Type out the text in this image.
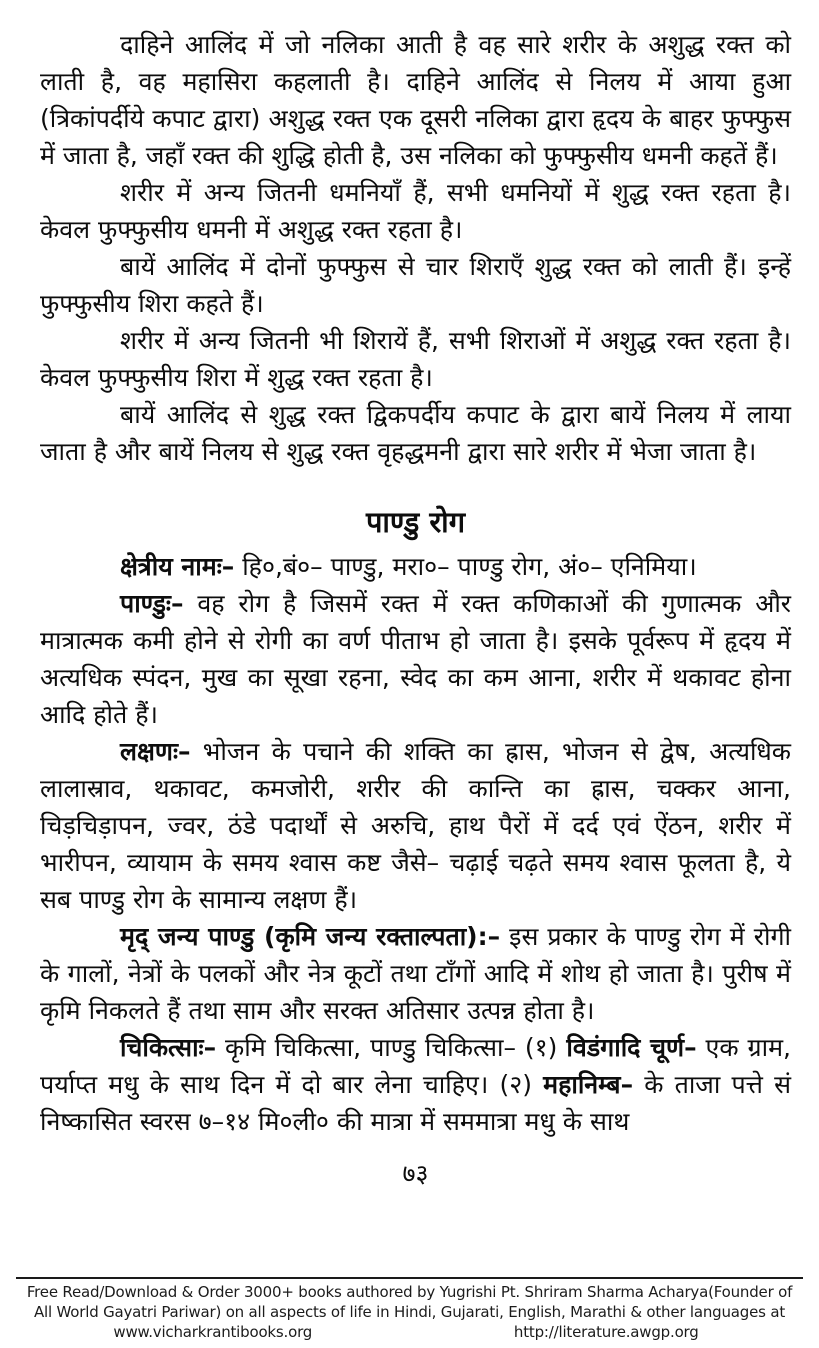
दाहिने आलिंद में जो नलिका आती है वह सारे शरीर के अशुद्ध रक्त को लाती है, वह महासिरा कहलाती है। दाहिने आलिंद से निलय में आया हुआ (त्रिकांपर्दीये कपाट द्वारा) अशुद्ध रक्त एक दूसरी नलिका द्वारा हृदय के बाहर फुफ्फुस में जाता है, जहाँ रक्त की शुद्धि होती है, उस नलिका को फुफ्फुसीय धमनी कहतें हैं।

शरीर में अन्य जितनी धमनियाँ हैं, सभी धमनियों में शुद्ध रक्त रहता है। केवल फुफ्फुसीय धमनी में अशुद्ध रक्त रहता है।

बायें आलिंद में दोनों फुफ्फुस से चार शिराएँ शुद्ध रक्त को लाती हैं। इन्हें फुफ्फुसीय शिरा कहते हैं।

शरीर में अन्य जितनी भी शिरायें हैं, सभी शिराओं में अशुद्ध रक्त रहता है। केवल फुफ्फुसीय शिरा में शुद्ध रक्त रहता है।

बायें आलिंद से शुद्ध रक्त द्विकपर्दीय कपाट के द्वारा बायें निलय में लाया जाता है और बायें निलय से शुद्ध रक्त वृहद्धमनी द्वारा सारे शरीर में भेजा जाता है।

पाण्डु रोग

क्षेत्रीय नामः– हि०,बं०– पाण्डु, मरा०– पाण्डु रोग, अं०– एनिमिया।

पाण्डुः– वह रोग है जिसमें रक्त में रक्त कणिकाओं की गुणात्मक और मात्रात्मक कमी होने से रोगी का वर्ण पीताभ हो जाता है। इसके पूर्वरूप में हृदय में अत्यधिक स्पंदन, मुख का सूखा रहना, स्वेद का कम आना, शरीर में थकावट होना आदि होते हैं।

लक्षणः– भोजन के पचाने की शक्ति का ह्रास, भोजन से द्वेष, अत्यधिक लालास्राव, थकावट, कमजोरी, शरीर की कान्ति का ह्रास, चक्कर आना, चिड़चिड़ापन, ज्वर, ठंडे पदार्थों से अरुचि, हाथ पैरों में दर्द एवं ऐंठन, शरीर में भारीपन, व्यायाम के समय श्वास कष्ट जैसे– चढ़ाई चढ़ते समय श्वास फूलता है, ये सब पाण्डु रोग के सामान्य लक्षण हैं।

मृद् जन्य पाण्डु (कृमि जन्य रक्ताल्पता):– इस प्रकार के पाण्डु रोग में रोगी के गालों, नेत्रों के पलकों और नेत्र कूटों तथा टाँगों आदि में शोथ हो जाता है। पुरीष में कृमि निकलते हैं तथा साम और सरक्त अतिसार उत्पन्न होता है।

चिकित्साः– कृमि चिकित्सा, पाण्डु चिकित्सा– (१) विडंगादि चूर्ण– एक ग्राम, पर्याप्त मधु के साथ दिन में दो बार लेना चाहिए। (२) महानिम्ब– के ताजा पत्ते सं निष्कासित स्वरस ७–१४ मि०ली० की मात्रा में सममात्रा मधु के साथ

७३
Free Read/Download & Order 3000+ books authored by Yugrishi Pt. Shriram Sharma Acharya(Founder of
All World Gayatri Pariwar) on all aspects of life in Hindi, Gujarati, English, Marathi & other languages at
www.vicharkrantibooks.org	http://literature.awgp.org
